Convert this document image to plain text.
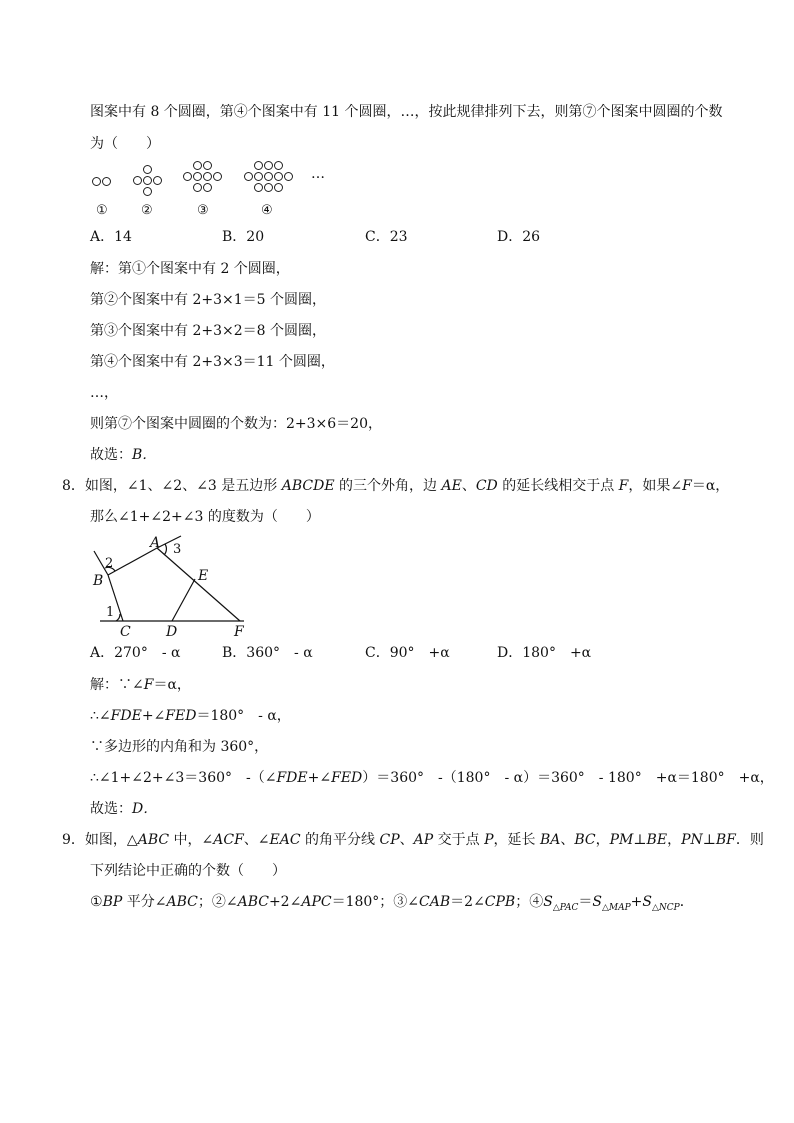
图案中有 8 个圆圈，第④个图案中有 11 个圆圈，…，按此规律排列下去，则第⑦个图案中圆圈的个数
为（　　）
…
①	②	③	④
A．14	B．20	C．23	D．26
解：第①个图案中有 2 个圆圈，
第②个图案中有 2+3×1＝5 个圆圈，
第③个图案中有 2+3×2＝8 个圆圈，
第④个图案中有 2+3×3＝11 个圆圈，
…，
则第⑦个图案中圆圈的个数为：2+3×6＝20，
故选：B．
8．如图，∠1、∠2、∠3 是五边形 ABCDE 的三个外角，边 AE、CD 的延长线相交于点 F，如果∠F＝α，
那么∠1+∠2+∠3 的度数为（　　）
A
B
C	D
E
F
1
2
3
A．270°　- α	B．360°　- α	C．90°　+α	D．180°　+α
解：∵∠F＝α，
∴∠FDE+∠FED＝180°　- α，
∵多边形的内角和为 360°，
∴∠1+∠2+∠3＝360°　-（∠FDE+∠FED）＝360°　-（180°　- α）＝360°　- 180°　+α＝180°　+α，
故选：D．
9．如图，△ABC 中，∠ACF、∠EAC 的角平分线 CP、AP 交于点 P，延长 BA、BC，PM⊥BE，PN⊥BF．则
下列结论中正确的个数（　　）
①BP 平分∠ABC；②∠ABC+2∠APC＝180°；③∠CAB＝2∠CPB；$④S_{\triangle PAC}=S_{\triangle MAP}+S_{\triangle NCP}$．
